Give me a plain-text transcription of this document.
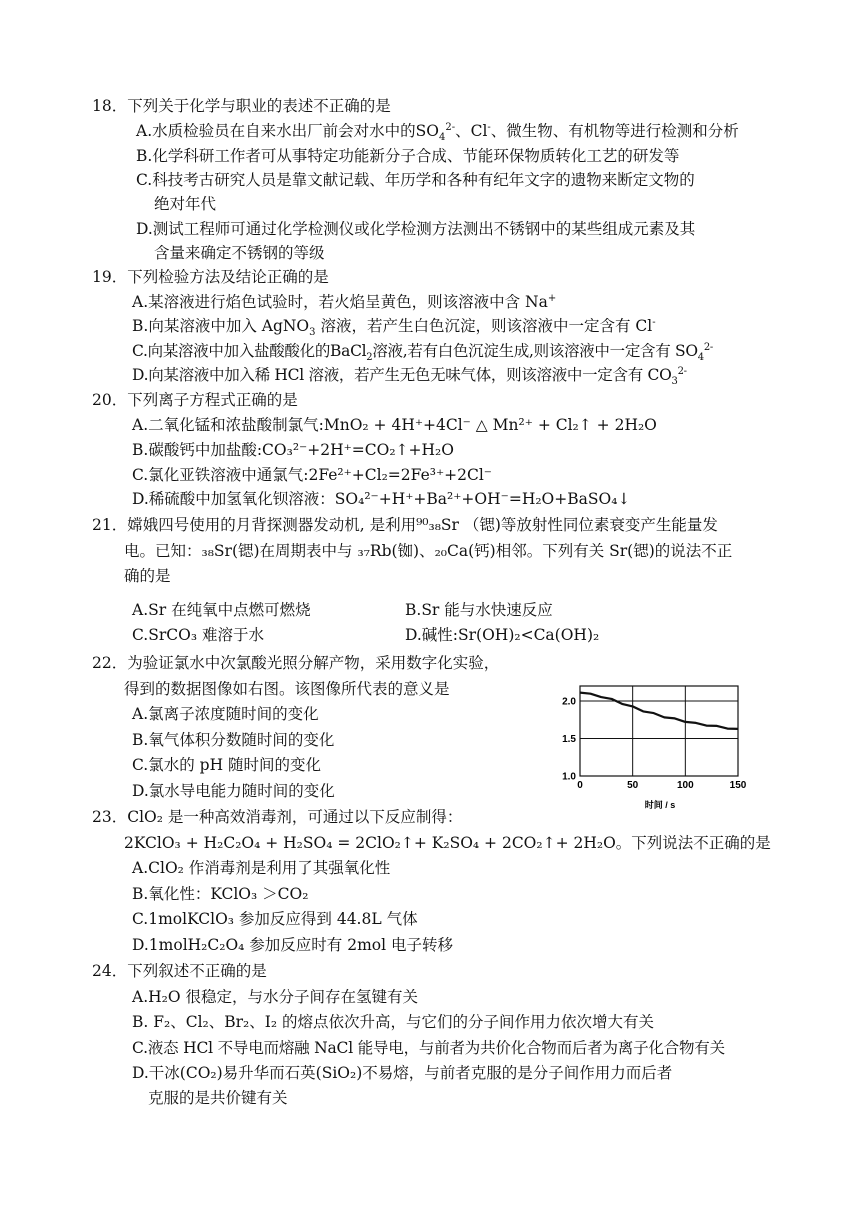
18．下列关于化学与职业的表述不正确的是
A.水质检验员在自来水出厂前会对水中的$SO_4^{2-}$、Cl-、微生物、有机物等进行检测和分析
B.化学科研工作者可从事特定功能新分子合成、节能环保物质转化工艺的研发等
C.科技考古研究人员是靠文献记载、年历学和各种有纪年文字的遗物来断定文物的
绝对年代
D.测试工程师可通过化学检测仪或化学检测方法测出不锈钢中的某些组成元素及其
含量来确定不锈钢的等级
19．下列检验方法及结论正确的是
A.某溶液进行焰色试验时，若火焰呈黄色，则该溶液中含 Na+
B.向某溶液中加入 AgNO$_3$ 溶液，若产生白色沉淀，则该溶液中一定含有 Cl-
C.向某溶液中加入盐酸酸化的BaCl$_2$溶液,若有白色沉淀生成,则该溶液中一定含有 $SO_4^{2-}$
D.向某溶液中加入稀 HCl 溶液，若产生无色无味气体，则该溶液中一定含有 $CO_3^{2-}$
20．下列离子方程式正确的是
A.二氧化锰和浓盐酸制氯气:MnO₂ + 4H⁺+4Cl⁻ △ Mn²⁺ + Cl₂↑ + 2H₂O
B.碳酸钙中加盐酸:CO₃²⁻+2H⁺=CO₂↑+H₂O
C.氯化亚铁溶液中通氯气:2Fe²⁺+Cl₂=2Fe³⁺+2Cl⁻
D.稀硫酸中加氢氧化钡溶液：SO₄²⁻+H⁺+Ba²⁺+OH⁻=H₂O+BaSO₄↓
21．嫦娥四号使用的月背探测器发动机, 是利用⁹⁰₃₈Sr （锶)等放射性同位素衰变产生能量发
电。已知：₃₈Sr(锶)在周期表中与 ₃₇Rb(铷)、₂₀Ca(钙)相邻。下列有关 Sr(锶)的说法不正
确的是
A.Sr 在纯氧中点燃可燃烧	B.Sr 能与水快速反应
C.SrCO₃ 难溶于水	D.碱性:Sr(OH)₂<Ca(OH)₂
22．为验证氯水中次氯酸光照分解产物，采用数字化实验，
得到的数据图像如右图。该图像所代表的意义是
A.氯离子浓度随时间的变化
B.氧气体积分数随时间的变化
C.氯水的 pH 随时间的变化
D.氯水导电能力随时间的变化	0	50	100	150
1.0
1.5
2.0
时间 / s
23．ClO₂ 是一种高效消毒剂，可通过以下反应制得：
2KClO₃ + H₂C₂O₄ + H₂SO₄ = 2ClO₂↑+ K₂SO₄ + 2CO₂↑+ 2H₂O。下列说法不正确的是
A.ClO₂ 作消毒剂是利用了其强氧化性
B.氧化性：KClO₃ ＞CO₂
C.1molKClO₃ 参加反应得到 44.8L 气体
D.1molH₂C₂O₄ 参加反应时有 2mol 电子转移
24．下列叙述不正确的是
A.H₂O 很稳定，与水分子间存在氢键有关
B. F₂、Cl₂、Br₂、I₂ 的熔点依次升高，与它们的分子间作用力依次增大有关
C.液态 HCl 不导电而熔融 NaCl 能导电，与前者为共价化合物而后者为离子化合物有关
D.干冰(CO₂)易升华而石英(SiO₂)不易熔，与前者克服的是分子间作用力而后者
克服的是共价键有关
